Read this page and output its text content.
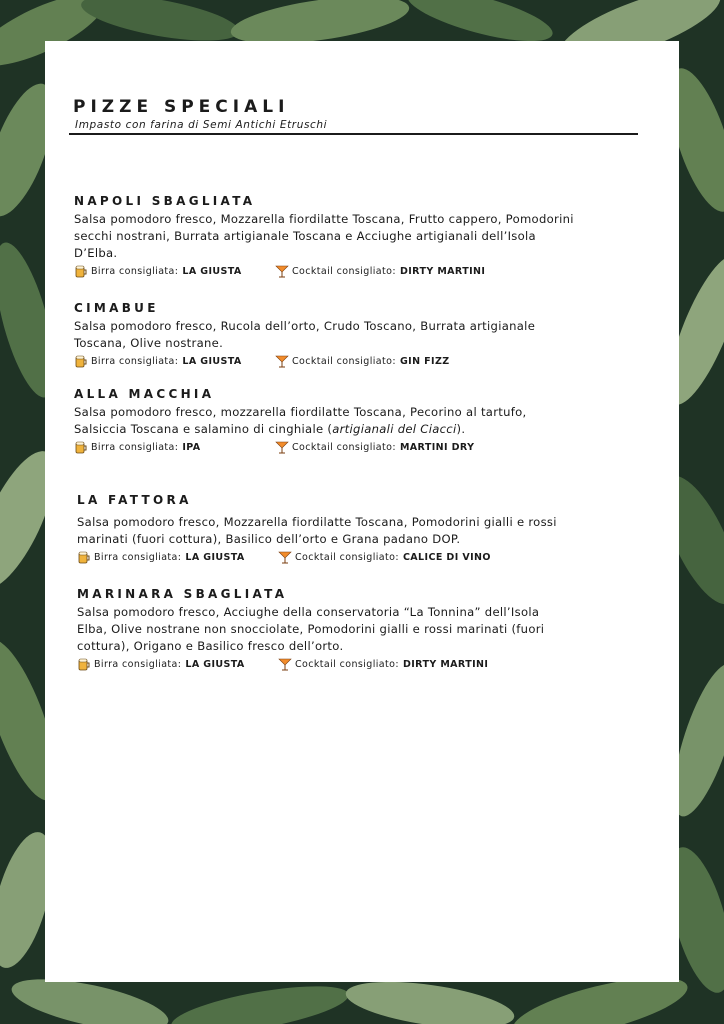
PIZZE SPECIALI
Impasto con farina di Semi Antichi Etruschi
NAPOLI SBAGLIATA
Salsa pomodoro fresco, Mozzarella fiordilatte Toscana, Frutto cappero, Pomodorini secchi nostrani, Burrata artigianale Toscana e Acciughe artigianali dell’Isola D’Elba.
Birra consigliata: LA GIUSTA	Cocktail consigliato: DIRTY MARTINI
CIMABUE
Salsa pomodoro fresco, Rucola dell’orto, Crudo Toscano, Burrata artigianale Toscana, Olive nostrane.
Birra consigliata: LA GIUSTA	Cocktail consigliato: GIN FIZZ
ALLA MACCHIA
Salsa pomodoro fresco, mozzarella fiordilatte Toscana, Pecorino al tartufo, Salsiccia Toscana e salamino di cinghiale (artigianali del Ciacci).
Birra consigliata: IPA	Cocktail consigliato: MARTINI DRY
LA FATTORA
Salsa pomodoro fresco, Mozzarella fiordilatte Toscana, Pomodorini gialli e rossi marinati (fuori cottura), Basilico dell’orto e Grana padano DOP.
Birra consigliata: LA GIUSTA	Cocktail consigliato: CALICE DI VINO
MARINARA SBAGLIATA
Salsa pomodoro fresco, Acciughe della conservatoria “La Tonnina” dell’Isola Elba, Olive nostrane non snocciolate, Pomodorini gialli e rossi marinati (fuori cottura), Origano e Basilico fresco dell’orto.
Birra consigliata: LA GIUSTA	Cocktail consigliato: DIRTY MARTINI
